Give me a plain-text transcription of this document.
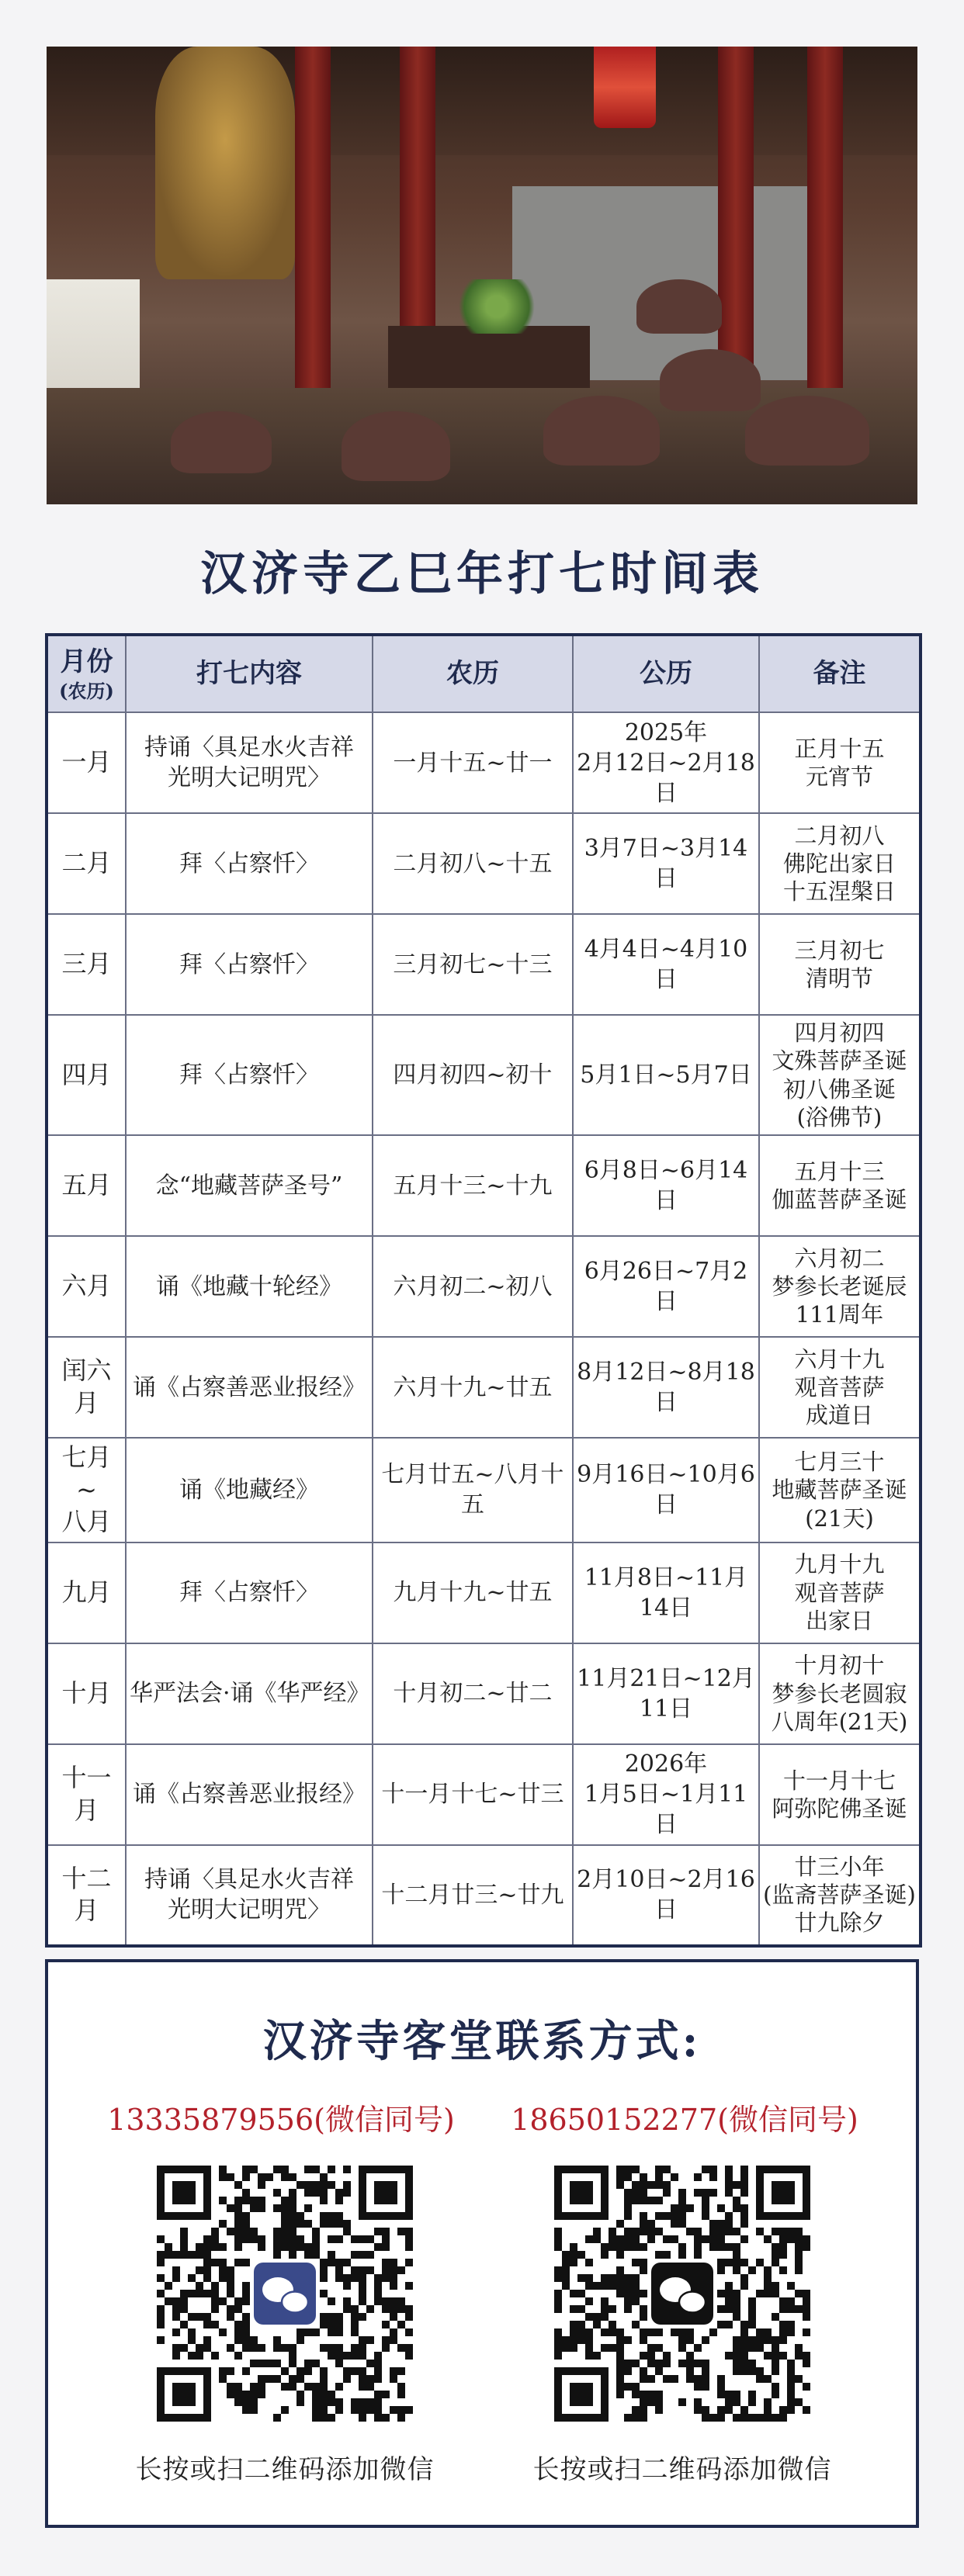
汉济寺乙巳年打七时间表
月份
(农历)	打七内容	农历	公历	备注
一月	持诵〈具足水火吉祥
光明大记明咒〉	一月十五~廿一	2025年
2月12日~2月18日	正月十五
元宵节
二月	拜〈占察忏〉	二月初八~十五	3月7日~3月14日	二月初八
佛陀出家日
十五涅槃日
三月	拜〈占察忏〉	三月初七~十三	4月4日~4月10日	三月初七
清明节
四月	拜〈占察忏〉	四月初四~初十	5月1日~5月7日	四月初四
文殊菩萨圣诞
初八佛圣诞
(浴佛节)
五月	念“地藏菩萨圣号”	五月十三~十九	6月8日~6月14日	五月十三
伽蓝菩萨圣诞
六月	诵《地藏十轮经》	六月初二~初八	6月26日~7月2日	六月初二
梦参长老诞辰
111周年
闰六月	诵《占察善恶业报经》	六月十九~廿五	8月12日~8月18日	六月十九
观音菩萨
成道日
七月
~
八月	诵《地藏经》	七月廿五~八月十五	9月16日~10月6日	七月三十
地藏菩萨圣诞
(21天)
九月	拜〈占察忏〉	九月十九~廿五	11月8日~11月14日	九月十九
观音菩萨
出家日
十月	华严法会·诵《华严经》	十月初二~廿二	11月21日~12月11日	十月初十
梦参长老圆寂
八周年(21天)
十一月	诵《占察善恶业报经》	十一月十七~廿三	2026年
1月5日~1月11日	十一月十七
阿弥陀佛圣诞
十二月	持诵〈具足水火吉祥
光明大记明咒〉	十二月廿三~廿九	2月10日~2月16日	廿三小年
(监斋菩萨圣诞)
廿九除夕
汉济寺客堂联系方式:
13335879556(微信同号)	18650152277(微信同号)
长按或扫二维码添加微信	长按或扫二维码添加微信
